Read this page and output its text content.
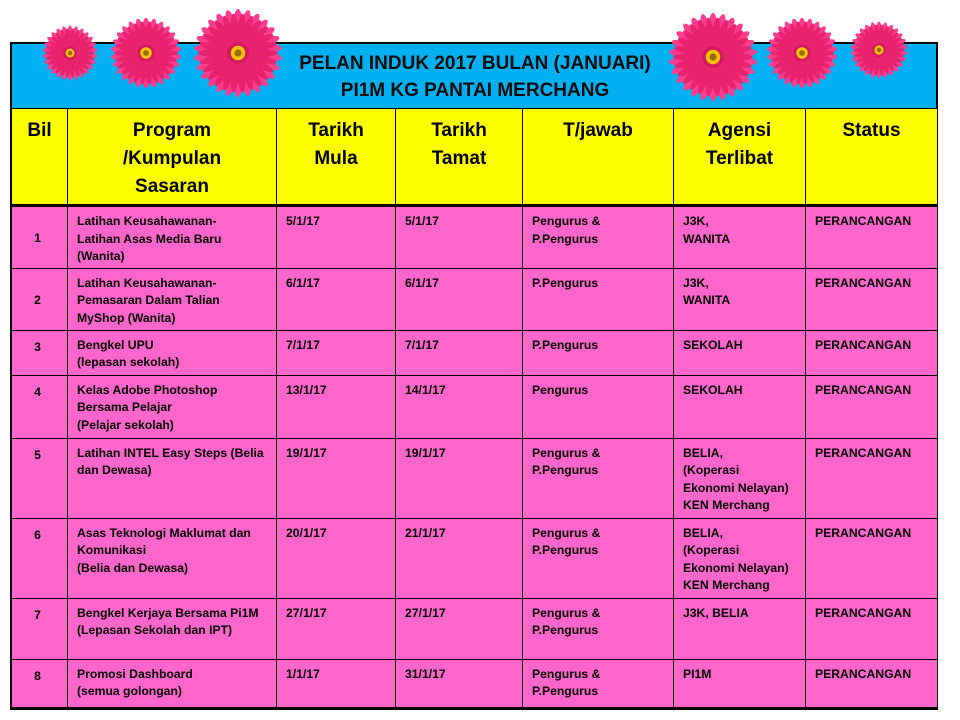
PELAN INDUK 2017 BULAN (JANUARI)
PI1M KG PANTAI MERCHANG
Bil	Program
/Kumpulan
Sasaran	Tarikh
Mula	Tarikh
Tamat	T/jawab	Agensi
Terlibat	Status
1	Latihan Keusahawanan-
Latihan Asas Media Baru
(Wanita)	5/1/17	5/1/17	Pengurus &
P.Pengurus	J3K,
WANITA	PERANCANGAN
2	Latihan Keusahawanan-
Pemasaran Dalam Talian
MyShop (Wanita)	6/1/17	6/1/17	P.Pengurus	J3K,
WANITA	PERANCANGAN
3	Bengkel UPU
(lepasan sekolah)	7/1/17	7/1/17	P.Pengurus	SEKOLAH	PERANCANGAN
4	Kelas Adobe Photoshop
Bersama Pelajar
(Pelajar sekolah)	13/1/17	14/1/17	Pengurus	SEKOLAH	PERANCANGAN
5	Latihan INTEL Easy Steps (Belia
dan Dewasa)	19/1/17	19/1/17	Pengurus &
P.Pengurus	BELIA,
(Koperasi
Ekonomi Nelayan)
KEN Merchang	PERANCANGAN
6	Asas Teknologi Maklumat dan
Komunikasi
(Belia dan Dewasa)	20/1/17	21/1/17	Pengurus &
P.Pengurus	BELIA,
(Koperasi
Ekonomi Nelayan)
KEN Merchang	PERANCANGAN
7	Bengkel Kerjaya Bersama Pi1M
(Lepasan Sekolah dan IPT)	27/1/17	27/1/17	Pengurus &
P.Pengurus	J3K, BELIA	PERANCANGAN
8	Promosi Dashboard
(semua golongan)	1/1/17	31/1/17	Pengurus &
P.Pengurus	PI1M	PERANCANGAN
